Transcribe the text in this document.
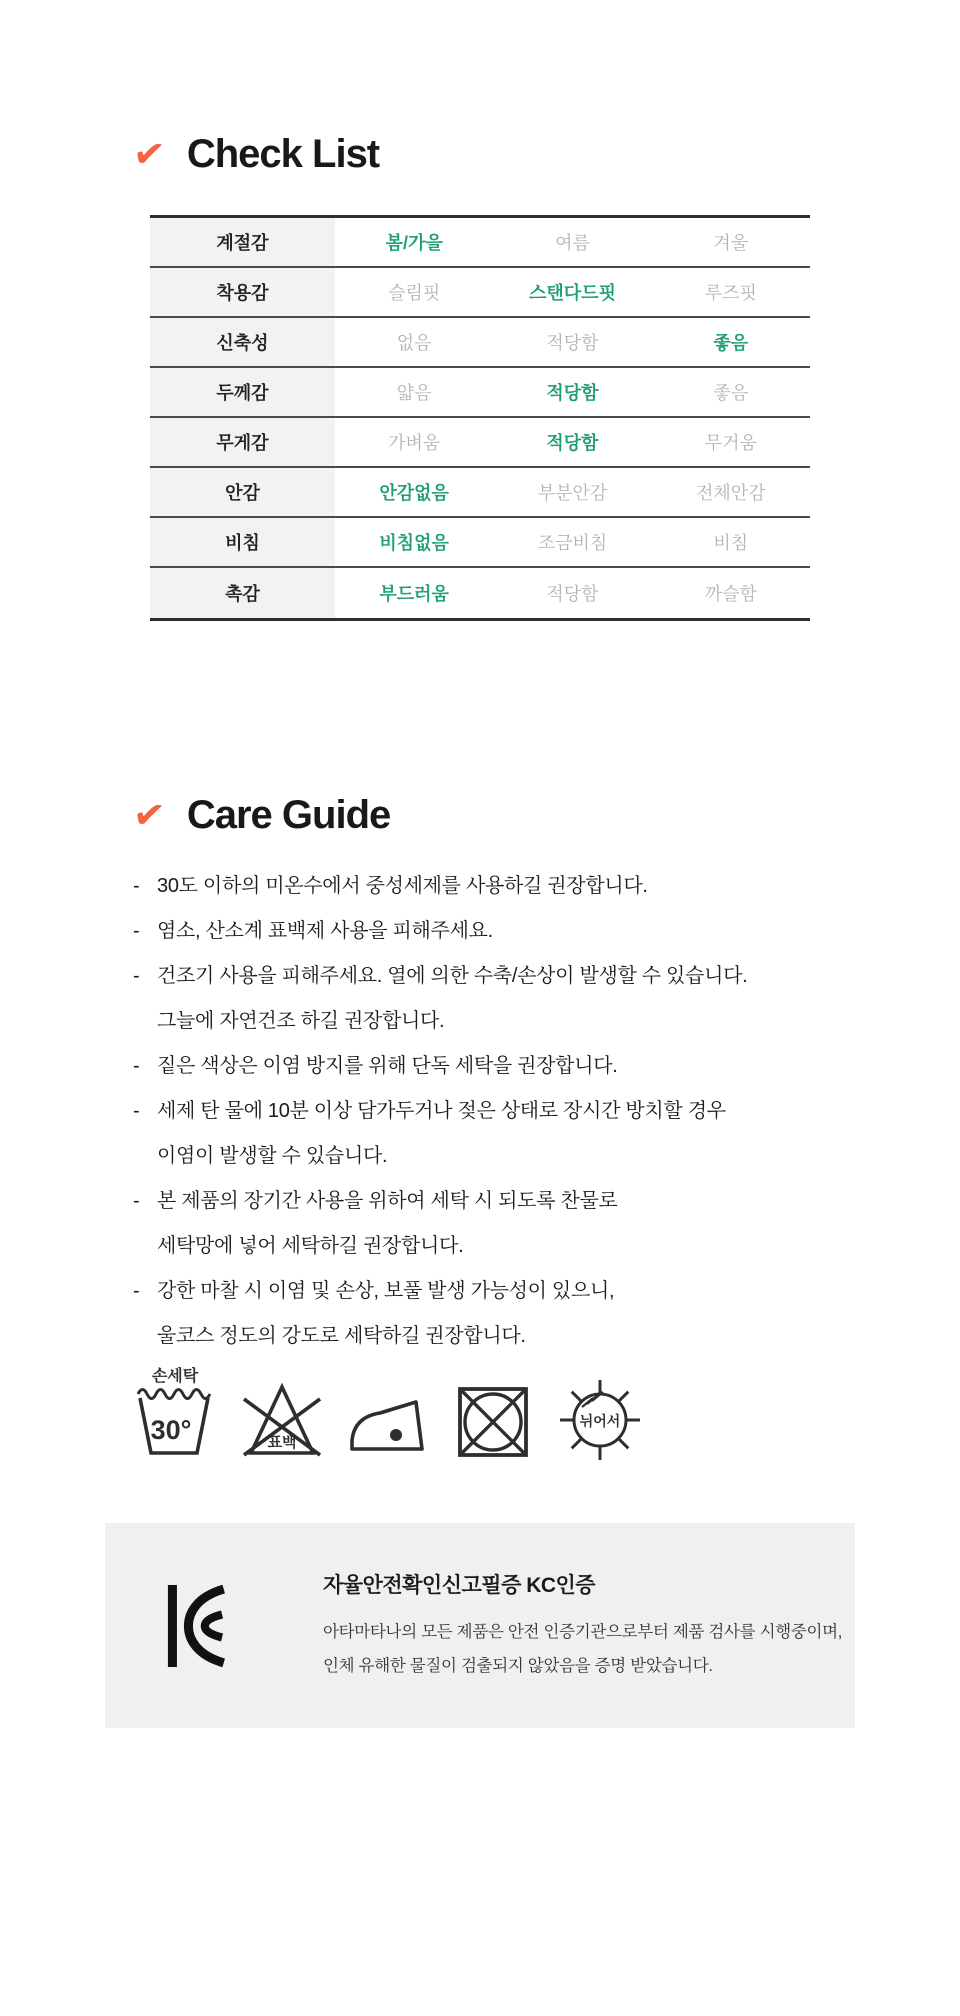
✔ Check List
계절감	봄/가을	여름	겨울
착용감	슬림핏	스탠다드핏	루즈핏
신축성	없음	적당함	좋음
두께감	얇음	적당함	좋음
무게감	가벼움	적당함	무거움
안감	안감없음	부분안감	전체안감
비침	비침없음	조금비침	비침
촉감	부드러움	적당함	까슬함
✔ Care Guide
- 30도 이하의 미온수에서 중성세제를 사용하길 권장합니다.
- 염소, 산소계 표백제 사용을 피해주세요.
- 건조기 사용을 피해주세요. 열에 의한 수축/손상이 발생할 수 있습니다.
그늘에 자연건조 하길 권장합니다.
- 짙은 색상은 이염 방지를 위해 단독 세탁을 권장합니다.
- 세제 탄 물에 10분 이상 담가두거나 젖은 상태로 장시간 방치할 경우
이염이 발생할 수 있습니다.
- 본 제품의 장기간 사용을 위하여 세탁 시 되도록 찬물로
세탁망에 넣어 세탁하길 권장합니다.
- 강한 마찰 시 이염 및 손상, 보풀 발생 가능성이 있으니,
울코스 정도의 강도로 세탁하길 권장합니다.
손세탁
30°	표백
뉘어서
자율안전확인신고필증 KC인증
아타마타나의 모든 제품은 안전 인증기관으로부터 제품 검사를 시행중이며,
인체 유해한 물질이 검출되지 않았음을 증명 받았습니다.
